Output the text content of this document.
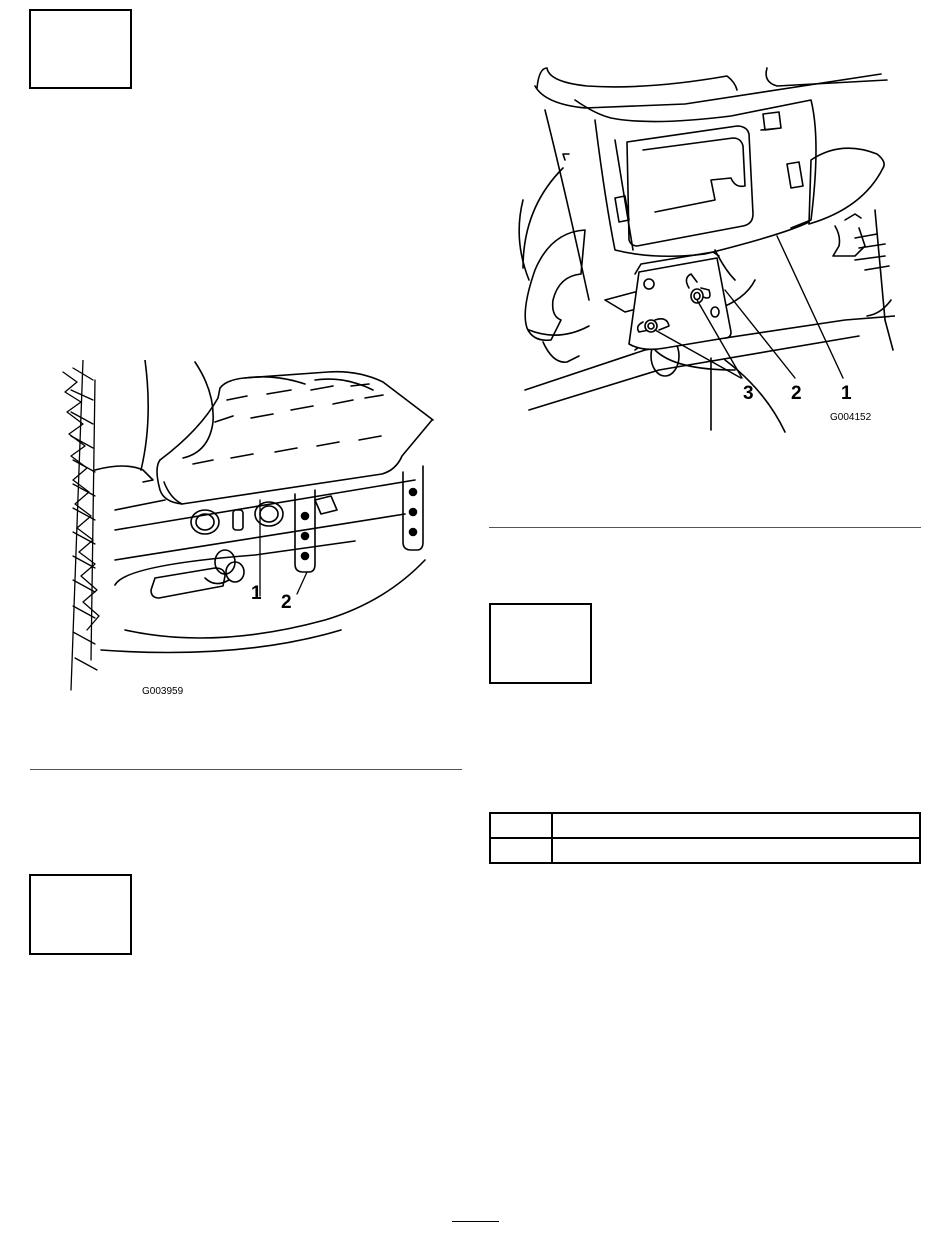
1 2
G003959
3 2 1
G004152
